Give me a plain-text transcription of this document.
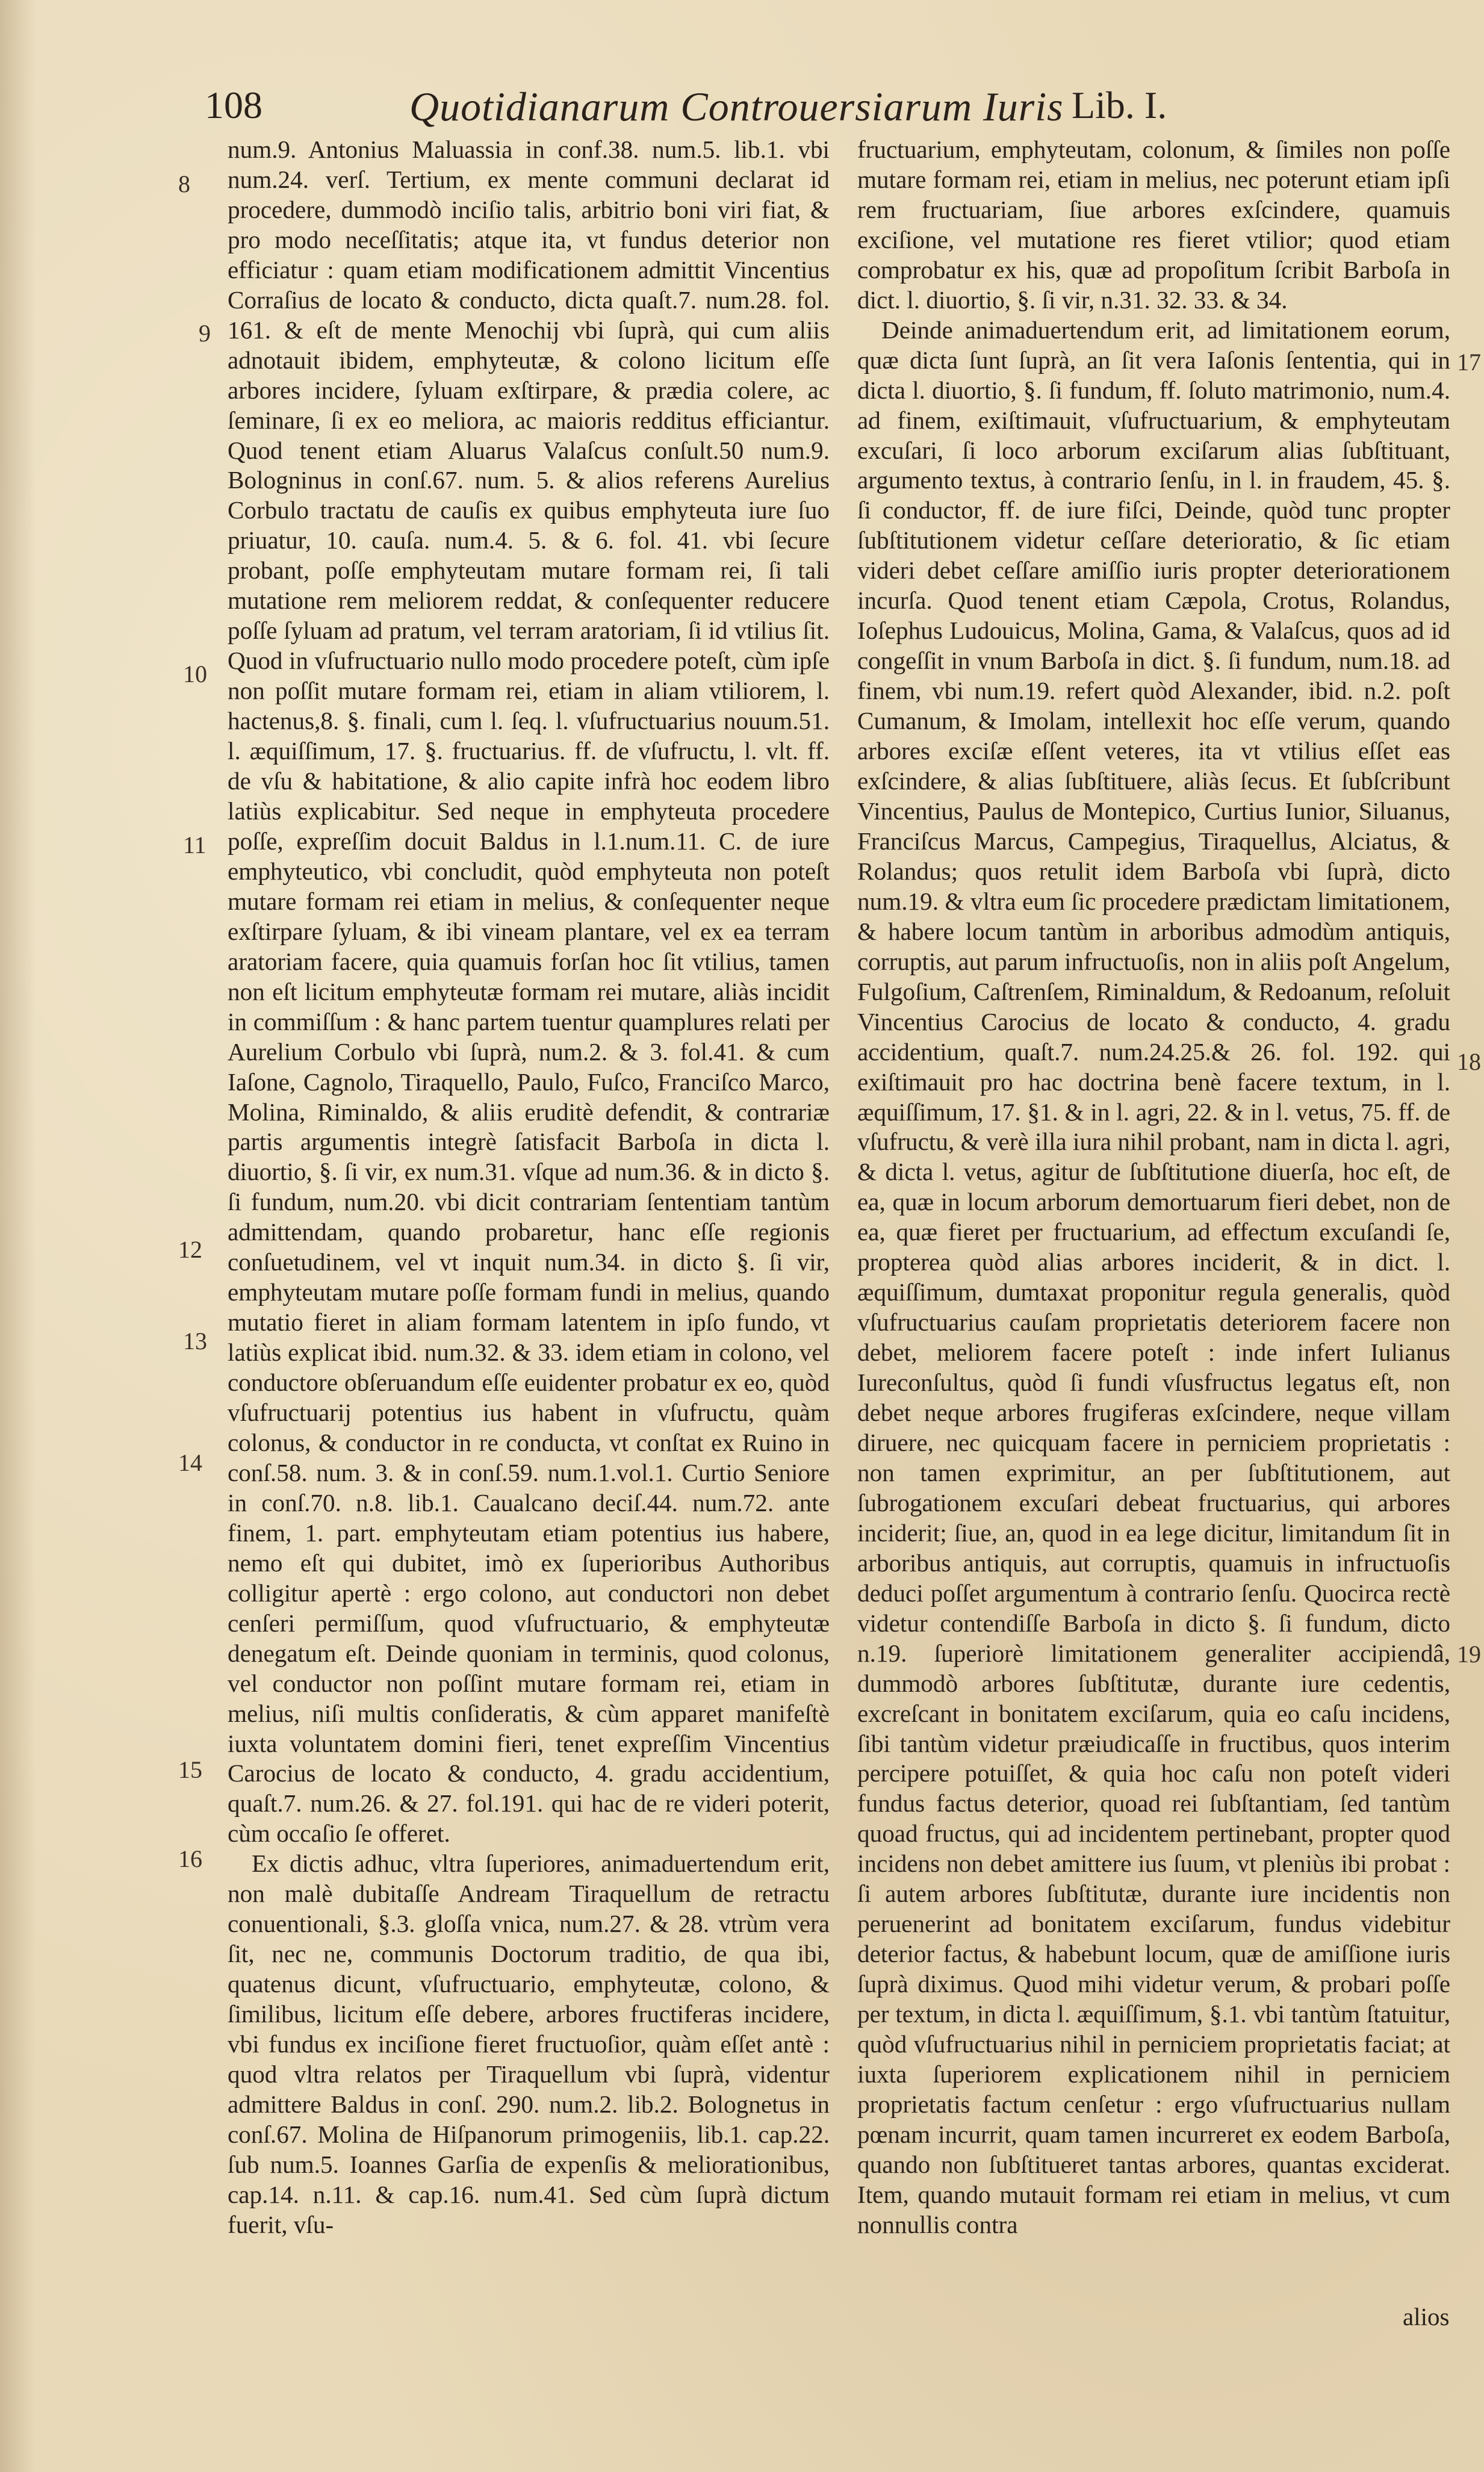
108	Quotidianarum Controuersiarum Iuris Lib. I.
8
9
10
11
12
13
14
15
16
17
18
19

num.9. Antonius Maluassia in conf.38. num.5. lib.1. vbi num.24. verſ. Tertium, ex mente communi declarat id procedere, dummodò inciſio talis, arbitrio boni viri fiat, & pro modo neceſſitatis; atque ita, vt fundus deterior non efficiatur : quam etiam modificationem admittit Vincentius Corraſius de locato & conducto, dicta quaſt.7. num.28. fol. 161. & eſt de mente Menochij vbi ſuprà, qui cum aliis adnotauit ibidem, emphyteutæ, & colono licitum eſſe arbores incidere, ſyluam exſtirpare, & prædia colere, ac ſeminare, ſi ex eo meliora, ac maioris redditus efficiantur. Quod tenent etiam Aluarus Valaſcus conſult.50 num.9. Bologninus in conſ.67. num. 5. & alios referens Aurelius Corbulo tractatu de cauſis ex quibus emphyteuta iure ſuo priuatur, 10. cauſa. num.4. 5. & 6. fol. 41. vbi ſecure probant, poſſe emphyteutam mutare formam rei, ſi tali mutatione rem meliorem reddat, & conſequenter reducere poſſe ſyluam ad pratum, vel terram aratoriam, ſi id vtilius ſit. Quod in vſufructuario nullo modo procedere poteſt, cùm ipſe non poſſit mutare formam rei, etiam in aliam vtiliorem, l. hactenus,8. §. finali, cum l. ſeq. l. vſufructuarius nouum.51. l. æquiſſimum, 17. §. fructuarius. ff. de vſufructu, l. vlt. ff. de vſu & habitatione, & alio capite infrà hoc eodem libro latiùs explicabitur. Sed neque in emphyteuta procedere poſſe, expreſſim docuit Baldus in l.1.num.11. C. de iure emphyteutico, vbi concludit, quòd emphyteuta non poteſt mutare formam rei etiam in melius, & conſequenter neque exſtirpare ſyluam, & ibi vineam plantare, vel ex ea terram aratoriam facere, quia quamuis forſan hoc ſit vtilius, tamen non eſt licitum emphyteutæ formam rei mutare, aliàs incidit in commiſſum : & hanc partem tuentur quamplures relati per Aurelium Corbulo vbi ſuprà, num.2. & 3. fol.41. & cum Iaſone, Cagnolo, Tiraquello, Paulo, Fuſco, Franciſco Marco, Molina, Riminaldo, & aliis eruditè defendit, & contrariæ partis argumentis integrè ſatisfacit Barboſa in dicta l. diuortio, §. ſi vir, ex num.31. vſque ad num.36. & in dicto §. ſi fundum, num.20. vbi dicit contrariam ſententiam tantùm admittendam, quando probaretur, hanc eſſe regionis conſuetudinem, vel vt inquit num.34. in dicto §. ſi vir, emphyteutam mutare poſſe formam fundi in melius, quando mutatio fieret in aliam formam latentem in ipſo fundo, vt latiùs explicat ibid. num.32. & 33. idem etiam in colono, vel conductore obſeruandum eſſe euidenter probatur ex eo, quòd vſufructuarij potentius ius habent in vſufructu, quàm colonus, & conductor in re conducta, vt conſtat ex Ruino in conſ.58. num. 3. & in conſ.59. num.1.vol.1. Curtio Seniore in conſ.70. n.8. lib.1. Caualcano deciſ.44. num.72. ante finem, 1. part. emphyteutam etiam potentius ius habere, nemo eſt qui dubitet, imò ex ſuperioribus Authoribus colligitur apertè : ergo colono, aut conductori non debet cenſeri permiſſum, quod vſufructuario, & emphyteutæ denegatum eſt. Deinde quoniam in terminis, quod colonus, vel conductor non poſſint mutare formam rei, etiam in melius, niſi multis conſideratis, & cùm apparet manifeſtè iuxta voluntatem domini fieri, tenet expreſſim Vincentius Carocius de locato & conducto, 4. gradu accidentium, quaſt.7. num.26. & 27. fol.191. qui hac de re videri poterit, cùm occaſio ſe offeret.

Ex dictis adhuc, vltra ſuperiores, animaduertendum erit, non malè dubitaſſe Andream Tiraquellum de retractu conuentionali, §.3. gloſſa vnica, num.27. & 28. vtrùm vera ſit, nec ne, communis Doctorum traditio, de qua ibi, quatenus dicunt, vſufructuario, emphyteutæ, colono, & ſimilibus, licitum eſſe debere, arbores fructiferas incidere, vbi fundus ex inciſione fieret fructuoſior, quàm eſſet antè : quod vltra relatos per Tiraquellum vbi ſuprà, videntur admittere Baldus in conſ. 290. num.2. lib.2. Bolognetus in conſ.67. Molina de Hiſpanorum primogeniis, lib.1. cap.22. ſub num.5. Ioannes Garſia de expenſis & meliorationibus, cap.14. n.11. & cap.16. num.41. Sed cùm ſuprà dictum fuerit, vſu-

fructuarium, emphyteutam, colonum, & ſimiles non poſſe mutare formam rei, etiam in melius, nec poterunt etiam ipſi rem fructuariam, ſiue arbores exſcindere, quamuis exciſione, vel mutatione res fieret vtilior; quod etiam comprobatur ex his, quæ ad propoſitum ſcribit Barboſa in dict. l. diuortio, §. ſi vir, n.31. 32. 33. & 34.

Deinde animaduertendum erit, ad limitationem eorum, quæ dicta ſunt ſuprà, an ſit vera Iaſonis ſententia, qui in dicta l. diuortio, §. ſi fundum, ff. ſoluto matrimonio, num.4. ad finem, exiſtimauit, vſufructuarium, & emphyteutam excuſari, ſi loco arborum exciſarum alias ſubſtituant, argumento textus, à contrario ſenſu, in l. in fraudem, 45. §. ſi conductor, ff. de iure fiſci, Deinde, quòd tunc propter ſubſtitutionem videtur ceſſare deterioratio, & ſic etiam videri debet ceſſare amiſſio iuris propter deteriorationem incurſa. Quod tenent etiam Cæpola, Crotus, Rolandus, Ioſephus Ludouicus, Molina, Gama, & Valaſcus, quos ad id congeſſit in vnum Barboſa in dict. §. ſi fundum, num.18. ad finem, vbi num.19. refert quòd Alexander, ibid. n.2. poſt Cumanum, & Imolam, intellexit hoc eſſe verum, quando arbores exciſæ eſſent veteres, ita vt vtilius eſſet eas exſcindere, & alias ſubſtituere, aliàs ſecus. Et ſubſcribunt Vincentius, Paulus de Montepico, Curtius Iunior, Siluanus, Franciſcus Marcus, Campegius, Tiraquellus, Alciatus, & Rolandus; quos retulit idem Barboſa vbi ſuprà, dicto num.19. & vltra eum ſic procedere prædictam limitationem, & habere locum tantùm in arboribus admodùm antiquis, corruptis, aut parum infructuoſis, non in aliis poſt Angelum, Fulgoſium, Caſtrenſem, Riminaldum, & Redoanum, reſoluit Vincentius Carocius de locato & conducto, 4. gradu accidentium, quaſt.7. num.24.25.& 26. fol. 192. qui exiſtimauit pro hac doctrina benè facere textum, in l. æquiſſimum, 17. §1. & in l. agri, 22. & in l. vetus, 75. ff. de vſufructu, & verè illa iura nihil probant, nam in dicta l. agri, & dicta l. vetus, agitur de ſubſtitutione diuerſa, hoc eſt, de ea, quæ in locum arborum demortuarum fieri debet, non de ea, quæ fieret per fructuarium, ad effectum excuſandi ſe, propterea quòd alias arbores inciderit, & in dict. l. æquiſſimum, dumtaxat proponitur regula generalis, quòd vſufructuarius cauſam proprietatis deteriorem facere non debet, meliorem facere poteſt : inde infert Iulianus Iureconſultus, quòd ſi fundi vſusfructus legatus eſt, non debet neque arbores frugiferas exſcindere, neque villam diruere, nec quicquam facere in perniciem proprietatis : non tamen exprimitur, an per ſubſtitutionem, aut ſubrogationem excuſari debeat fructuarius, qui arbores inciderit; ſiue, an, quod in ea lege dicitur, limitandum ſit in arboribus antiquis, aut corruptis, quamuis in infructuoſis deduci poſſet argumentum à contrario ſenſu. Quocirca rectè videtur contendiſſe Barboſa in dicto §. ſi fundum, dicto n.19. ſuperiorè limitationem generaliter accipiendâ, dummodò arbores ſubſtitutæ, durante iure cedentis, excreſcant in bonitatem exciſarum, quia eo caſu incidens, ſibi tantùm videtur præiudicaſſe in fructibus, quos interim percipere potuiſſet, & quia hoc caſu non poteſt videri fundus factus deterior, quoad rei ſubſtantiam, ſed tantùm quoad fructus, qui ad incidentem pertinebant, propter quod incidens non debet amittere ius ſuum, vt pleniùs ibi probat : ſi autem arbores ſubſtitutæ, durante iure incidentis non peruenerint ad bonitatem exciſarum, fundus videbitur deterior factus, & habebunt locum, quæ de amiſſione iuris ſuprà diximus. Quod mihi videtur verum, & probari poſſe per textum, in dicta l. æquiſſimum, §.1. vbi tantùm ſtatuitur, quòd vſufructuarius nihil in perniciem proprietatis faciat; at iuxta ſuperiorem explicationem nihil in perniciem proprietatis factum cenſetur : ergo vſufructuarius nullam pœnam incurrit, quam tamen incurreret ex eodem Barboſa, quando non ſubſtitueret tantas arbores, quantas exciderat. Item, quando mutauit formam rei etiam in melius, vt cum nonnullis contra

alios
